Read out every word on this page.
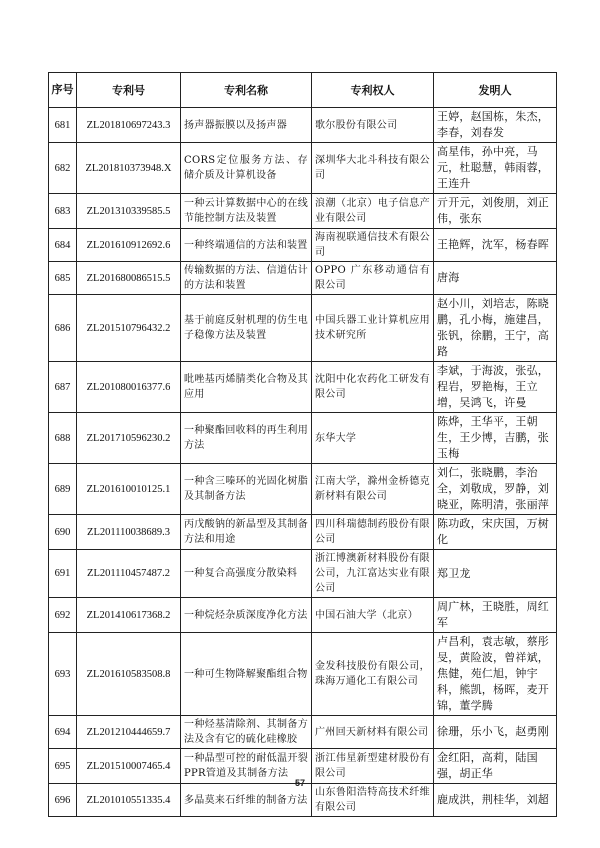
序号	专利号	专利名称	专利权人	发明人
681	ZL201810697243.3	扬声器振膜以及扬声器	歌尔股份有限公司	王婷，赵国栋，朱杰，李春，刘春发
682	ZL201810373948.X	CORS定位服务方法、存储介质及计算机设备	深圳华大北斗科技有限公司	高星伟，孙中亮，马元，杜聪慧，韩雨蓉，王连升
683	ZL201310339585.5	一种云计算数据中心的在线节能控制方法及装置	浪潮（北京）电子信息产业有限公司	亓开元，刘俊朋，刘正伟，张东
684	ZL201610912692.6	一种终端通信的方法和装置	海南视联通信技术有限公司	王艳辉，沈军，杨春晖
685	ZL201680086515.5	传输数据的方法、信道估计的方法和装置	OPPO 广东移动通信有限公司	唐海
686	ZL201510796432.2	基于前庭反射机理的仿生电子稳像方法及装置	中国兵器工业计算机应用技术研究所	赵小川，刘培志，陈晓鹏，孔小梅，施建昌，张钒，徐鹏，王宁，高路
687	ZL201080016377.6	吡唑基丙烯腈类化合物及其应用	沈阳中化农药化工研发有限公司	李斌，于海波，张弘，程岩，罗艳梅，王立增，吴鸿飞，许曼
688	ZL201710596230.2	一种聚酯回收料的再生利用方法	东华大学	陈烨，王华平，王朝生，王少博，吉鹏，张玉梅
689	ZL201610010125.1	一种含三嗪环的光固化树脂及其制备方法	江南大学，滁州金桥德克新材料有限公司	刘仁，张晓鹏，李治全，刘敬成，罗静，刘晓亚，陈明清，张丽萍
690	ZL201110038689.3	丙戊酸钠的新晶型及其制备方法和用途	四川科瑞德制药股份有限公司	陈功政，宋庆国，万树化
691	ZL201110457487.2	一种复合高强度分散染料	浙江博澳新材料股份有限公司，九江富达实业有限公司	郑卫龙
692	ZL201410617368.2	一种烷烃杂质深度净化方法	中国石油大学（北京）	周广林，王晓胜，周红军
693	ZL201610583508.8	一种可生物降解聚酯组合物	金发科技股份有限公司，珠海万通化工有限公司	卢昌利，袁志敏，蔡彤旻，黄险波，曾祥斌，焦健，苑仁旭，钟宇科，熊凯，杨晖，麦开锦，董学腾
694	ZL201210444659.7	一种烃基清除剂、其制备方法及含有它的硫化硅橡胶	广州回天新材料有限公司	徐珊，乐小飞，赵勇刚
695	ZL201510007465.4	一种晶型可控的耐低温开裂PPR管道及其制备方法	浙江伟星新型建材股份有限公司	金红阳，高莉，陆国强，胡正华
696	ZL201010551335.4	多晶莫来石纤维的制备方法	山东鲁阳浩特高技术纤维有限公司	鹿成洪，荆桂华，刘超
57
